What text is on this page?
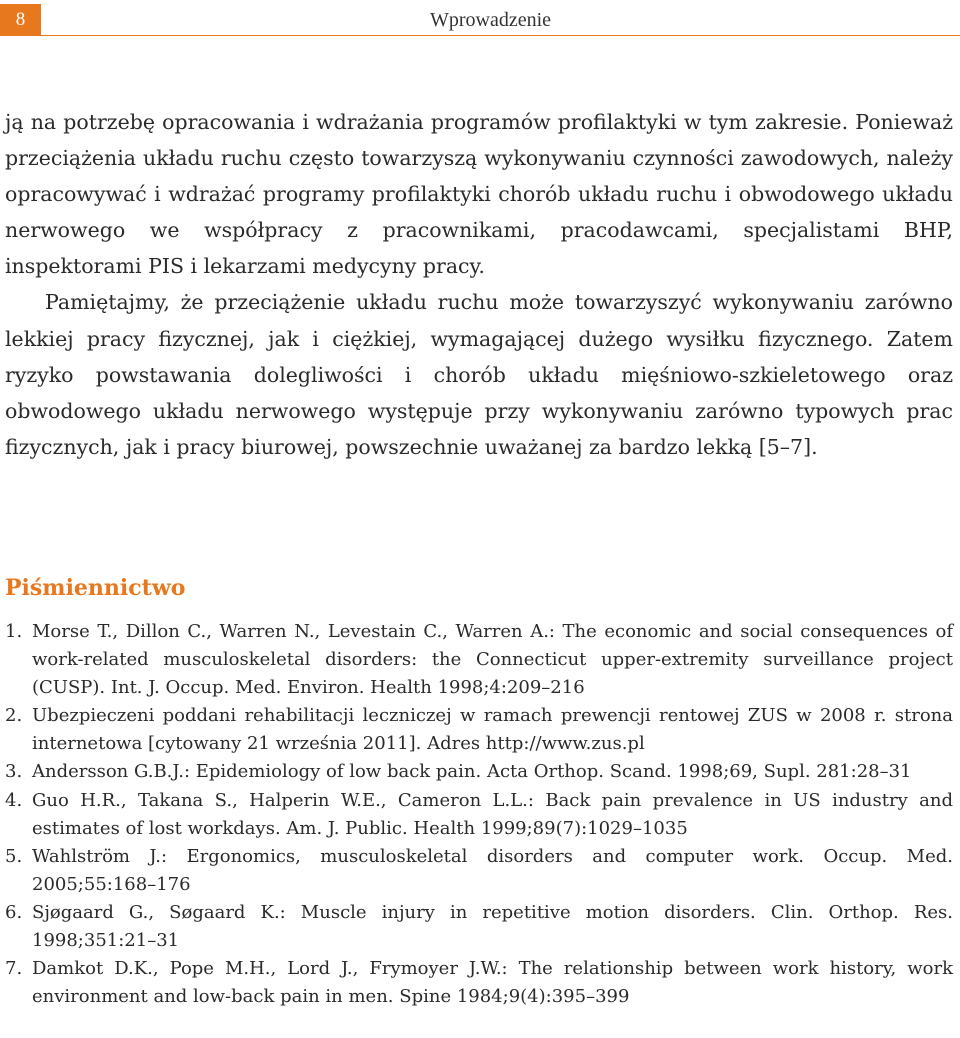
8	Wprowadzenie

ją na potrzebę opracowania i wdrażania programów profilaktyki w tym zakresie. Ponieważ przeciążenia układu ruchu często towarzyszą wykonywaniu czynności zawodowych, należy opracowywać i wdrażać programy profilaktyki chorób układu ruchu i obwodowego układu nerwowego we współpracy z pracownikami, pracodawcami, specjalistami BHP, inspektorami PIS i lekarzami medycyny pracy.

Pamiętajmy, że przeciążenie układu ruchu może towarzyszyć wykonywaniu zarówno lekkiej pracy fizycznej, jak i ciężkiej, wymagającej dużego wysiłku fizycznego. Zatem ryzyko powstawania dolegliwości i chorób układu mięśniowo-szkieletowego oraz obwodowego układu nerwowego występuje przy wykonywaniu zarówno typowych prac fizycznych, jak i pracy biurowej, powszechnie uważanej za bardzo lekką [5–7].

Piśmiennictwo
1. Morse T., Dillon C., Warren N., Levestain C., Warren A.: The economic and social consequences of work-related musculoskeletal disorders: the Connecticut upper-extremity surveillance project (CUSP). Int. J. Occup. Med. Environ. Health 1998;4:209–216
2. Ubezpieczeni poddani rehabilitacji leczniczej w ramach prewencji rentowej ZUS w 2008 r. strona internetowa [cytowany 21 września 2011]. Adres http://www.zus.pl
3. Andersson G.B.J.: Epidemiology of low back pain. Acta Orthop. Scand. 1998;69, Supl. 281:28–31
4. Guo H.R., Takana S., Halperin W.E., Cameron L.L.: Back pain prevalence in US industry and estimates of lost workdays. Am. J. Public. Health 1999;89(7):1029–1035
5. Wahlström J.: Ergonomics, musculoskeletal disorders and computer work. Occup. Med. 2005;55:168–176
6. Sjøgaard G., Søgaard K.: Muscle injury in repetitive motion disorders. Clin. Orthop. Res. 1998;351:21–31
7. Damkot D.K., Pope M.H., Lord J., Frymoyer J.W.: The relationship between work history, work environment and low-back pain in men. Spine 1984;9(4):395–399
